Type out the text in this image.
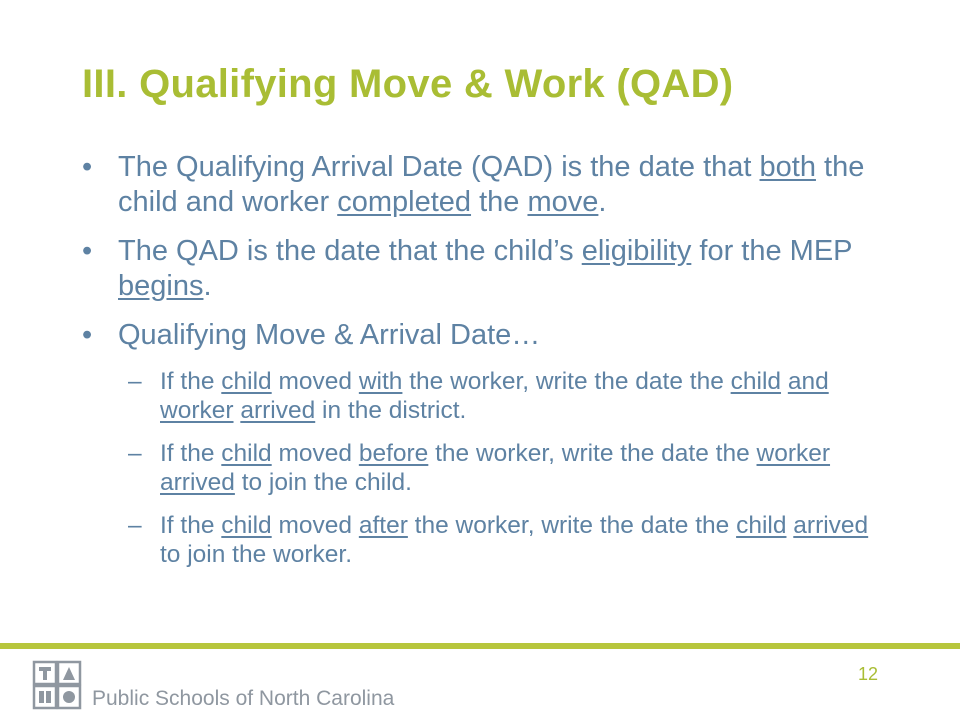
III. Qualifying Move & Work (QAD)
• The Qualifying Arrival Date (QAD) is the date that both the child and worker completed the move.
• The QAD is the date that the child’s eligibility for the MEP begins.
• Qualifying Move & Arrival Date…
– If the child moved with the worker, write the date the child and worker arrived in the district.
– If the child moved before the worker, write the date the worker arrived to join the child.
– If the child moved after the worker, write the date the child arrived to join the worker.
Public Schools of North Carolina
12
